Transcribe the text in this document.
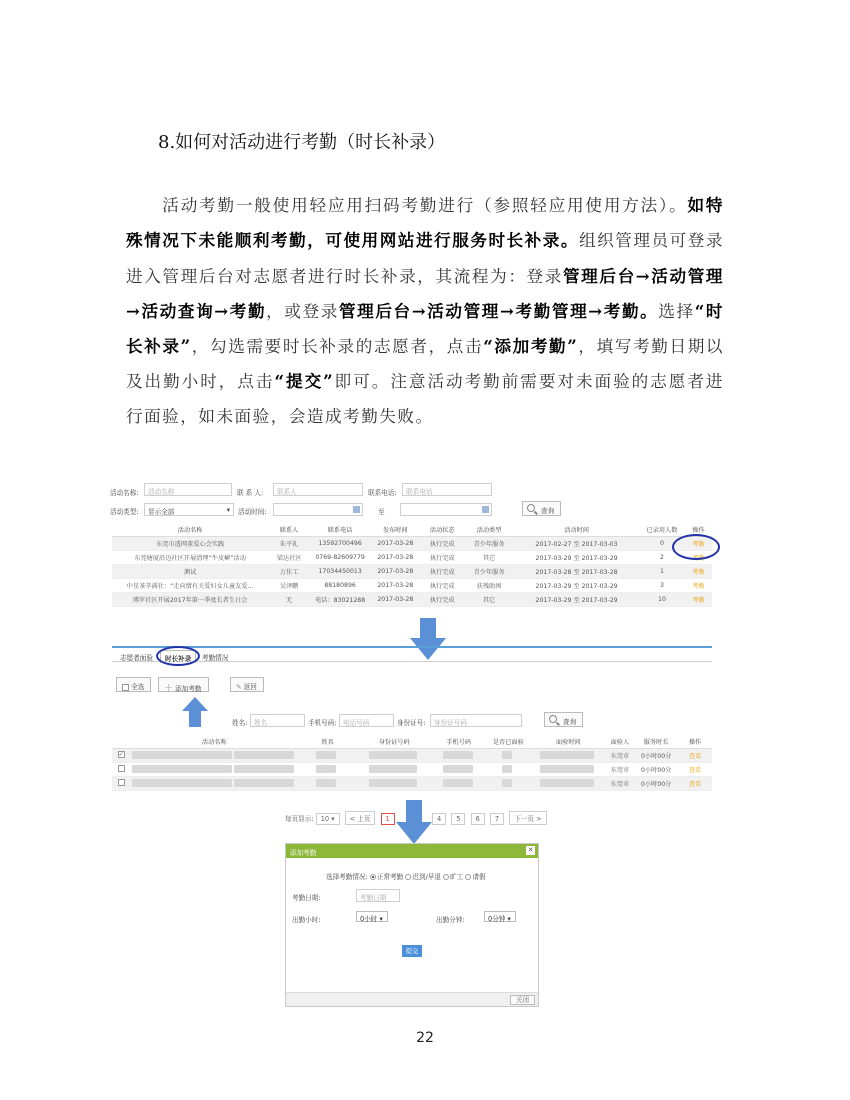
8.如何对活动进行考勤（时长补录）
活动考勤一般使用轻应用扫码考勤进行（参照轻应用使用方法）。如特殊情况下未能顺利考勤，可使用网站进行服务时长补录。组织管理员可登录进入管理后台对志愿者进行时长补录，其流程为：登录管理后台→活动管理→活动查询→考勤，或登录管理后台→活动管理→考勤管理→考勤。选择“时长补录”，勾选需要时长补录的志愿者，点击“添加考勤”，填写考勤日期以及出勤小时，点击“提交”即可。注意活动考勤前需要对未面验的志愿者进行面验，如未面验，会造成考勤失败。
活动名称:	活动名称	联 系 人:	联系人	联系电话:	联系电话
活动类型:	显示全部	▾ 活动时间:	至	查询
活动名称	联系人	联系电话	发布时间	活动状态	活动类型	活动时间	已录用人数	操作
东莞市透网董爱心会实践	朱平礼	13592700496	2017-03-28	执行完成	青少年服务	2017-02-27 至 2017-03-03	0	考勤
东莞塘厦沿边社区开展清理“牛皮癣”活动	梁达社区	0769-82609779	2017-03-28	执行完成	其它	2017-03-29 至 2017-03-29	2	考勤
测试	万佳工	17034450013	2017-03-28	执行完成	青少年服务	2017-03-28 至 2017-03-28	1	考勤
中星茶萃满社：“走向情有关爱妇女儿童友爱...	吴泽鹏	88180896	2017-03-28	执行完成	扶残助困	2017-03-29 至 2017-03-29	3	考勤
博罗社区开展2017年第一季度长者生日会	无	电话：83021288	2017-03-28	执行完成	其它	2017-03-29 至 2017-03-29	10	考勤
志愿者面验	时长补录	考勤情况
全选	＋ 添加考勤	✎ 返回
姓名: 姓名	手机号码: 电话号码	身份证号:	身份证号码	查询
	活动名称	姓名	身份证号码	手机号码	是否已面验	面验时间	面验人	服务时长	操作
✓							东莞市	0小时00分	查看
							东莞市	0小时00分	查看
							东莞市	0小时00分	查看
每页显示: 10 ▾ < 上页 1	4 5 6 7 下一页 >
添加考勤	✕
选择考勤情况: 正常考勤 迟到/早退 旷工 请假
考勤日期:	考勤日期
出勤小时:	0小时 ▾	出勤分钟:	0分钟 ▾
提交
关闭
22
